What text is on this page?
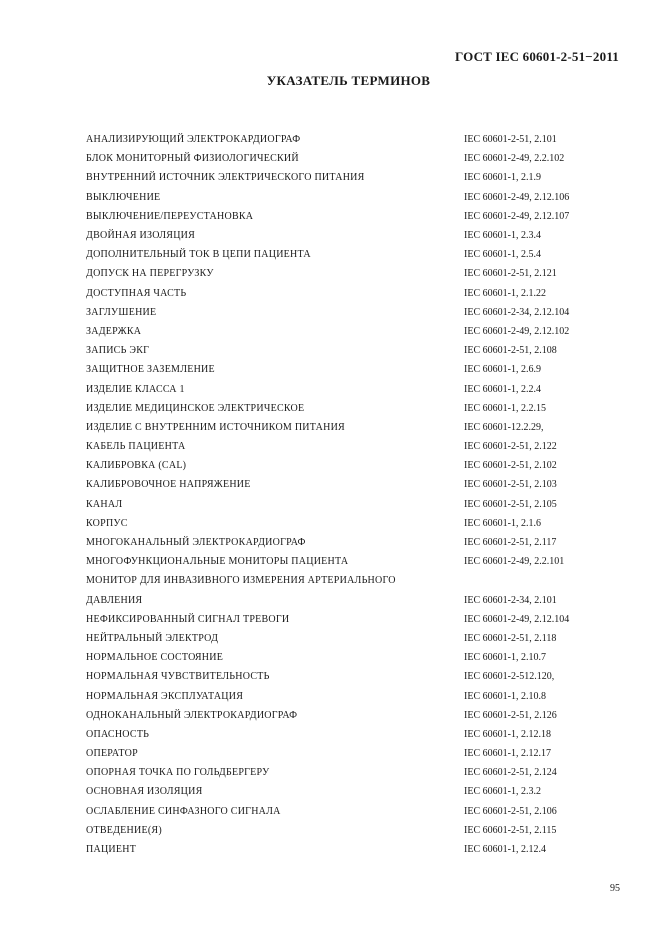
ГОСТ IEC 60601-2-51−2011
УКАЗАТЕЛЬ ТЕРМИНОВ
АНАЛИЗИРУЮЩИЙ ЭЛЕКТРОКАРДИОГРАФ	IEC 60601-2-51, 2.101
БЛОК МОНИТОРНЫЙ ФИЗИОЛОГИЧЕСКИЙ	IEC 60601-2-49, 2.2.102
ВНУТРЕННИЙ ИСТОЧНИК ЭЛЕКТРИЧЕСКОГО ПИТАНИЯ	IEC 60601-1, 2.1.9
ВЫКЛЮЧЕНИЕ	IEC 60601-2-49, 2.12.106
ВЫКЛЮЧЕНИЕ/ПЕРЕУСТАНОВКА	IEC 60601-2-49, 2.12.107
ДВОЙНАЯ ИЗОЛЯЦИЯ	IEC 60601-1, 2.3.4
ДОПОЛНИТЕЛЬНЫЙ ТОК В ЦЕПИ ПАЦИЕНТА	IEC 60601-1, 2.5.4
ДОПУСК НА ПЕРЕГРУЗКУ	IEC 60601-2-51, 2.121
ДОСТУПНАЯ ЧАСТЬ	IEC 60601-1, 2.1.22
ЗАГЛУШЕНИЕ	IEC 60601-2-34, 2.12.104
ЗАДЕРЖКА	IEC 60601-2-49, 2.12.102
ЗАПИСЬ ЭКГ	IEC 60601-2-51, 2.108
ЗАЩИТНОЕ ЗАЗЕМЛЕНИЕ	IEC 60601-1, 2.6.9
ИЗДЕЛИЕ КЛАССА 1	IEC 60601-1, 2.2.4
ИЗДЕЛИЕ МЕДИЦИНСКОЕ ЭЛЕКТРИЧЕСКОЕ	IEC 60601-1, 2.2.15
ИЗДЕЛИЕ С ВНУТРЕННИМ ИСТОЧНИКОМ ПИТАНИЯ	IEC 60601-12.2.29,
КАБЕЛЬ ПАЦИЕНТА	IEC 60601-2-51, 2.122
КАЛИБРОВКА (CAL)	IEC 60601-2-51, 2.102
КАЛИБРОВОЧНОЕ НАПРЯЖЕНИЕ	IEC 60601-2-51, 2.103
КАНАЛ	IEC 60601-2-51, 2.105
КОРПУС	IEC 60601-1, 2.1.6
МНОГОКАНАЛЬНЫЙ ЭЛЕКТРОКАРДИОГРАФ	IEC 60601-2-51, 2.117
МНОГОФУНКЦИОНАЛЬНЫЕ МОНИТОРЫ ПАЦИЕНТА	IEC 60601-2-49, 2.2.101
МОНИТОР ДЛЯ ИНВАЗИВНОГО ИЗМЕРЕНИЯ АРТЕРИАЛЬНОГО
ДАВЛЕНИЯ	IEC 60601-2-34, 2.101
НЕФИКСИРОВАННЫЙ СИГНАЛ ТРЕВОГИ	IEC 60601-2-49, 2.12.104
НЕЙТРАЛЬНЫЙ ЭЛЕКТРОД	IEC 60601-2-51, 2.118
НОРМАЛЬНОЕ СОСТОЯНИЕ	IEC 60601-1, 2.10.7
НОРМАЛЬНАЯ ЧУВСТВИТЕЛЬНОСТЬ	IEC 60601-2-512.120,
НОРМАЛЬНАЯ ЭКСПЛУАТАЦИЯ	IEC 60601-1, 2.10.8
ОДНОКАНАЛЬНЫЙ ЭЛЕКТРОКАРДИОГРАФ	IEC 60601-2-51, 2.126
ОПАСНОСТЬ	IEC 60601-1, 2.12.18
ОПЕРАТОР	IEC 60601-1, 2.12.17
ОПОРНАЯ ТОЧКА ПО ГОЛЬДБЕРГЕРУ	IEC 60601-2-51, 2.124
ОСНОВНАЯ ИЗОЛЯЦИЯ	IEC 60601-1, 2.3.2
ОСЛАБЛЕНИЕ СИНФАЗНОГО СИГНАЛА	IEC 60601-2-51, 2.106
ОТВЕДЕНИЕ(Я)	IEC 60601-2-51, 2.115
ПАЦИЕНТ	IEC 60601-1, 2.12.4
95
